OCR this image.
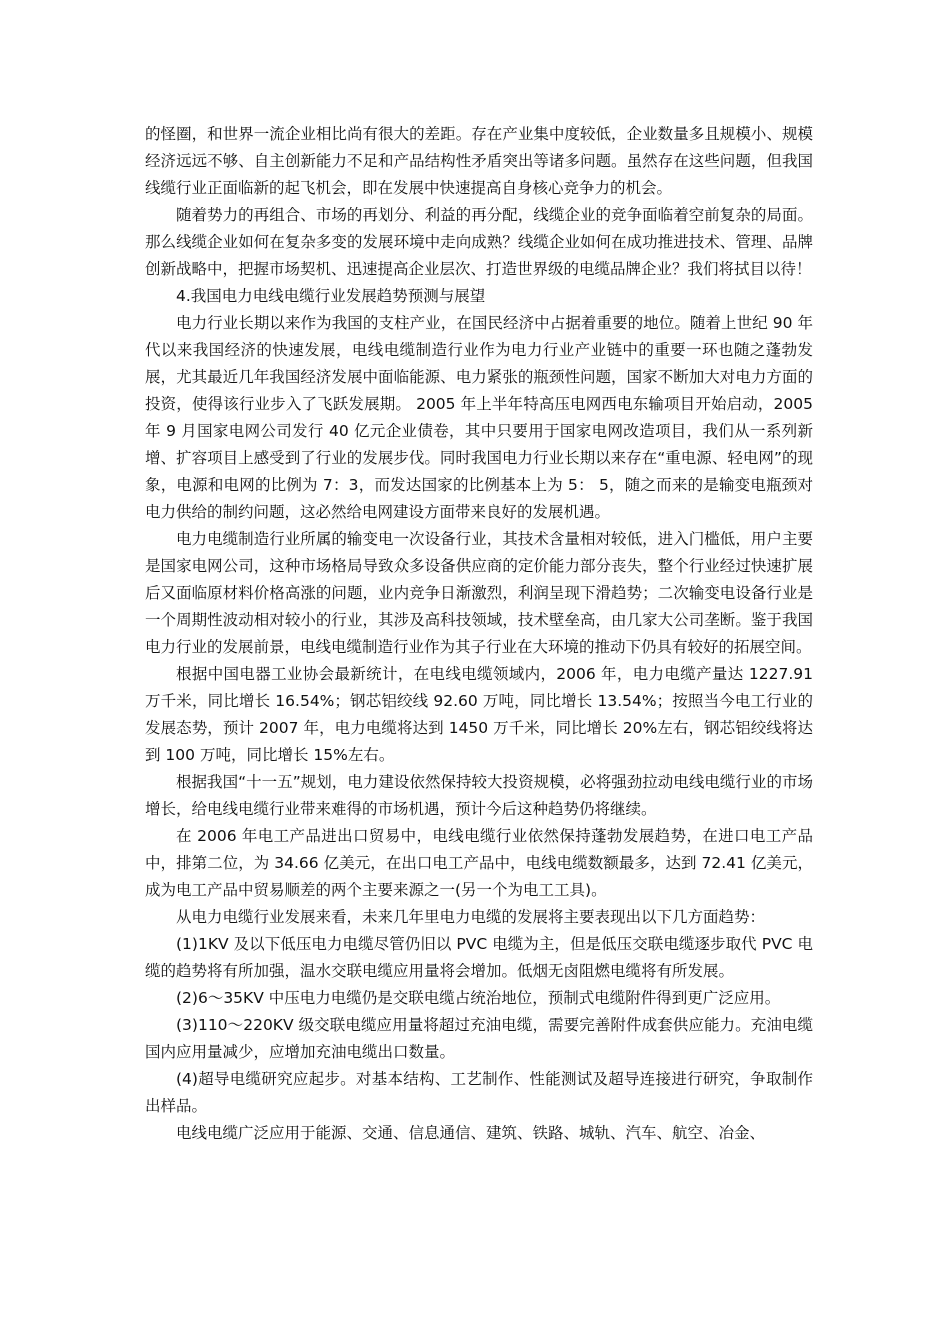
的怪圈，和世界一流企业相比尚有很大的差距。存在产业集中度较低，企业数量多且规模小、规模经济远远不够、自主创新能力不足和产品结构性矛盾突出等诸多问题。虽然存在这些问题，但我国线缆行业正面临新的起飞机会，即在发展中快速提高自身核心竞争力的机会。

随着势力的再组合、市场的再划分、利益的再分配，线缆企业的竞争面临着空前复杂的局面。那么线缆企业如何在复杂多变的发展环境中走向成熟？线缆企业如何在成功推进技术、管理、品牌创新战略中，把握市场契机、迅速提高企业层次、打造世界级的电缆品牌企业？我们将拭目以待！

4.我国电力电线电缆行业发展趋势预测与展望

电力行业长期以来作为我国的支柱产业，在国民经济中占据着重要的地位。随着上世纪 90 年代以来我国经济的快速发展，电线电缆制造行业作为电力行业产业链中的重要一环也随之蓬勃发展，尤其最近几年我国经济发展中面临能源、电力紧张的瓶颈性问题，国家不断加大对电力方面的投资，使得该行业步入了飞跃发展期。 2005 年上半年特高压电网西电东输项目开始启动，2005 年 9 月国家电网公司发行 40 亿元企业债卷，其中只要用于国家电网改造项目，我们从一系列新增、扩容项目上感受到了行业的发展步伐。同时我国电力行业长期以来存在“重电源、轻电网”的现象，电源和电网的比例为 7：3，而发达国家的比例基本上为 5： 5，随之而来的是输变电瓶颈对电力供给的制约问题，这必然给电网建设方面带来良好的发展机遇。

电力电缆制造行业所属的输变电一次设备行业，其技术含量相对较低，进入门槛低，用户主要是国家电网公司，这种市场格局导致众多设备供应商的定价能力部分丧失，整个行业经过快速扩展后又面临原材料价格高涨的问题，业内竞争日渐激烈，利润呈现下滑趋势；二次输变电设备行业是一个周期性波动相对较小的行业，其涉及高科技领域，技术壁垒高，由几家大公司垄断。鉴于我国电力行业的发展前景，电线电缆制造行业作为其子行业在大环境的推动下仍具有较好的拓展空间。

根据中国电器工业协会最新统计，在电线电缆领域内，2006 年，电力电缆产量达 1227.91 万千米，同比增长 16.54%；钢芯铝绞线 92.60 万吨，同比增长 13.54%；按照当今电工行业的发展态势，预计 2007 年，电力电缆将达到 1450 万千米，同比增长 20%左右，钢芯铝绞线将达到 100 万吨，同比增长 15%左右。

根据我国“十一五”规划，电力建设依然保持较大投资规模，必将强劲拉动电线电缆行业的市场增长，给电线电缆行业带来难得的市场机遇，预计今后这种趋势仍将继续。

在 2006 年电工产品进出口贸易中，电线电缆行业依然保持蓬勃发展趋势，在进口电工产品中，排第二位，为 34.66 亿美元，在出口电工产品中，电线电缆数额最多，达到 72.41 亿美元，成为电工产品中贸易顺差的两个主要来源之一(另一个为电工工具)。

从电力电缆行业发展来看，未来几年里电力电缆的发展将主要表现出以下几方面趋势：

(1)1KV 及以下低压电力电缆尽管仍旧以 PVC 电缆为主，但是低压交联电缆逐步取代 PVC 电缆的趋势将有所加强，温水交联电缆应用量将会增加。低烟无卤阻燃电缆将有所发展。

(2)6～35KV 中压电力电缆仍是交联电缆占统治地位，预制式电缆附件得到更广泛应用。

(3)110～220KV 级交联电缆应用量将超过充油电缆，需要完善附件成套供应能力。充油电缆国内应用量减少，应增加充油电缆出口数量。

(4)超导电缆研究应起步。对基本结构、工艺制作、性能测试及超导连接进行研究，争取制作出样品。

电线电缆广泛应用于能源、交通、信息通信、建筑、铁路、城轨、汽车、航空、冶金、
